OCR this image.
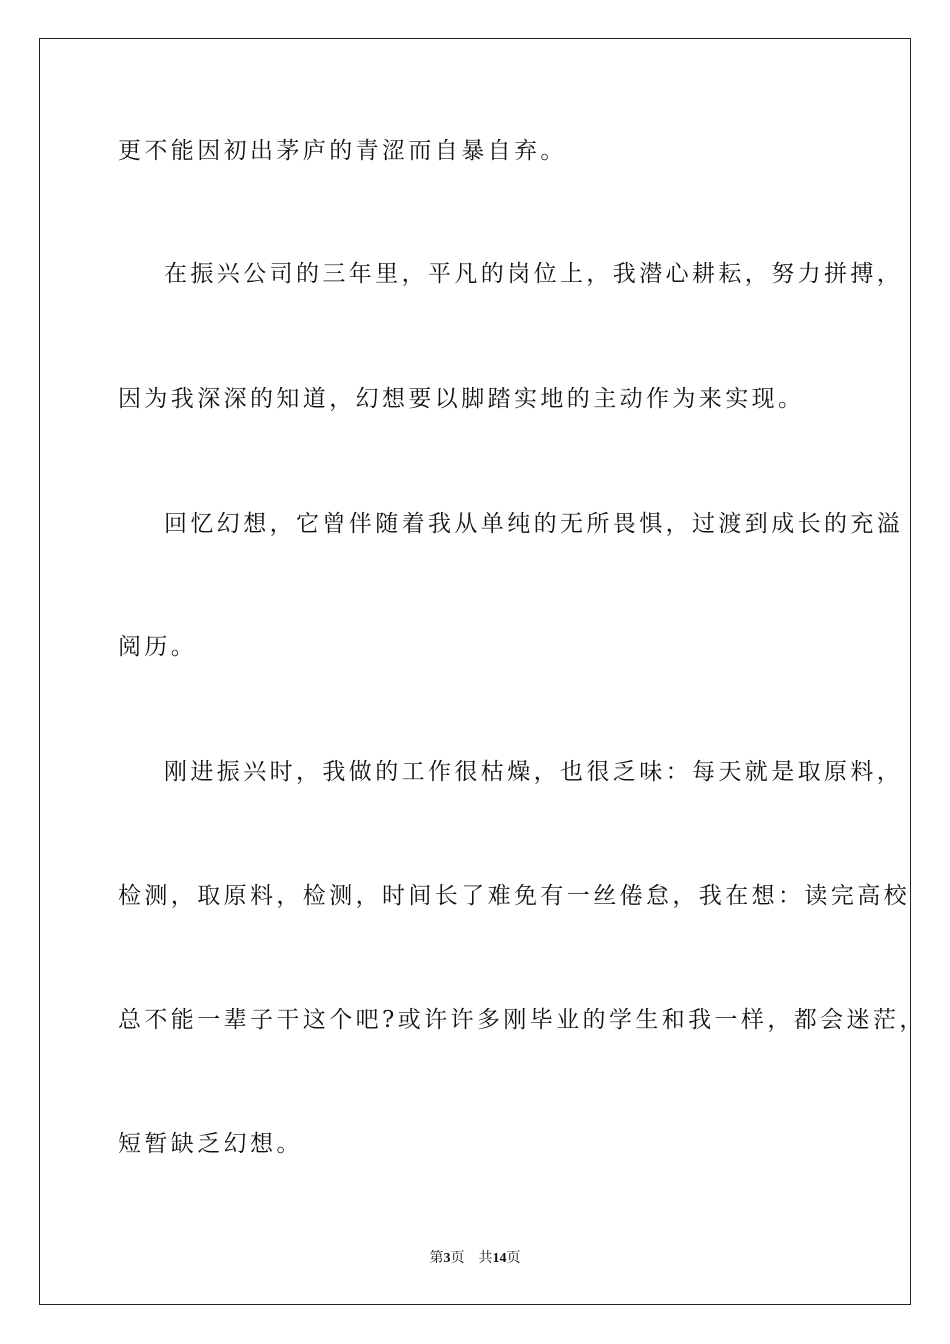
更不能因初出茅庐的青涩而自暴自弃。
在振兴公司的三年里，平凡的岗位上，我潜心耕耘，努力拼搏，
因为我深深的知道，幻想要以脚踏实地的主动作为来实现。
回忆幻想，它曾伴随着我从单纯的无所畏惧，过渡到成长的充溢
阅历。
刚进振兴时，我做的工作很枯燥，也很乏味：每天就是取原料，
检测，取原料，检测，时间长了难免有一丝倦怠，我在想：读完高校
总不能一辈子干这个吧?或许许多刚毕业的学生和我一样，都会迷茫，
短暂缺乏幻想。
第3页 共14页
